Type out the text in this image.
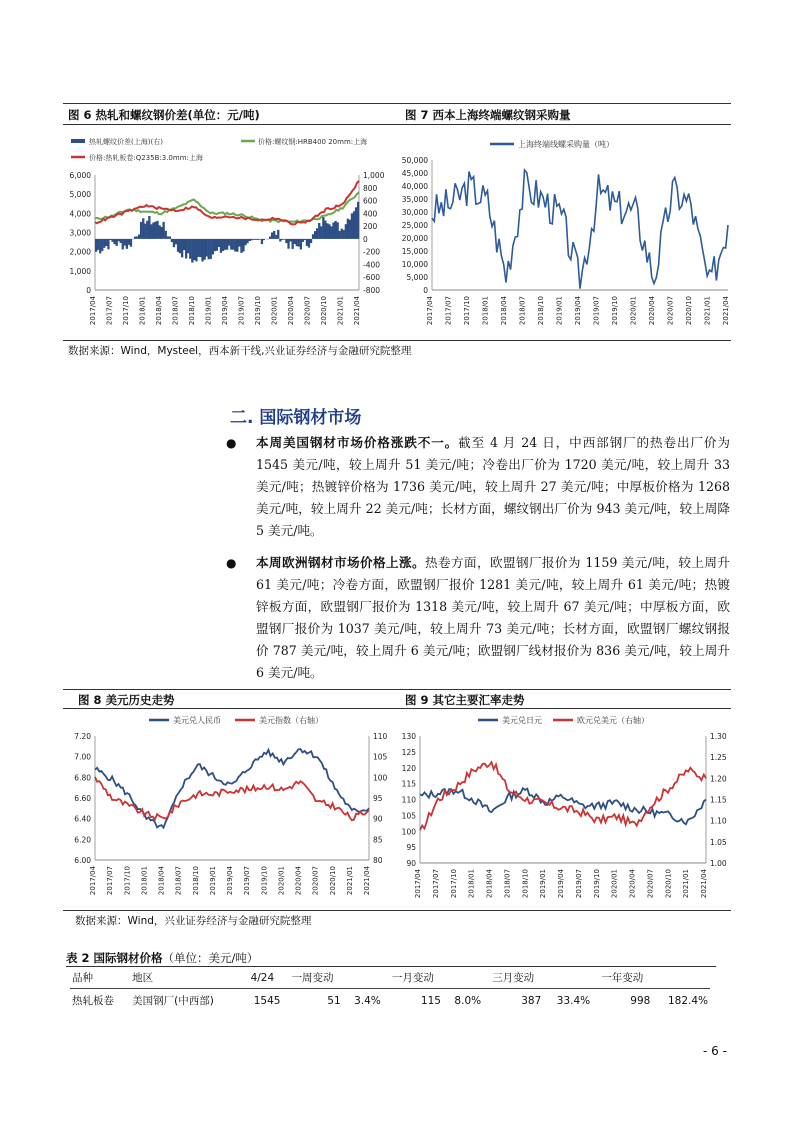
图 6 热轧和螺纹钢价差(单位：元/吨)	图 7 西本上海终端螺纹钢采购量
热轧螺纹价差(上海)(右)	价格:螺纹钢:HRB400 20mm:上海
价格:热轧板卷:Q235B:3.0mm:上海
0
1,000
2,000
3,000
4,000
5,000
6,000
-800
-600
-400
-200
0
200
400
600
800
1,000
2017/04 2017/07 2017/10 2018/01 2018/04 2018/07 2018/10 2019/01 2019/04 2019/07 2019/10 2020/01 2020/04 2020/07 2020/10 2021/01 2021/04
上海终端线螺采购量（吨）
0
5,000
10,000
15,000
20,000
25,000
30,000
35,000
40,000
45,000
50,000
2017/04 2017/07 2017/10 2018/01 2018/04 2018/07 2018/10 2019/01 2019/04 2019/07 2019/10 2020/01 2020/04 2020/07 2020/10 2021/01 2021/04
数据来源：Wind，Mysteel，西本新干线,兴业证券经济与金融研究院整理
二. 国际钢材市场
● 本周美国钢材市场价格涨跌不一。截至 4 月 24 日，中西部钢厂的热卷出厂价为 1545 美元/吨，较上周升 51 美元/吨；冷卷出厂价为 1720 美元/吨，较上周升 33 美元/吨；热镀锌价格为 1736 美元/吨，较上周升 27 美元/吨；中厚板价格为 1268 美元/吨，较上周升 22 美元/吨；长材方面，螺纹钢出厂价为 943 美元/吨，较上周降 5 美元/吨。
● 本周欧洲钢材市场价格上涨。热卷方面，欧盟钢厂报价为 1159 美元/吨，较上周升 61 美元/吨；冷卷方面，欧盟钢厂报价 1281 美元/吨，较上周升 61 美元/吨；热镀锌板方面，欧盟钢厂报价为 1318 美元/吨，较上周升 67 美元/吨；中厚板方面，欧盟钢厂报价为 1037 美元/吨，较上周升 73 美元/吨；长材方面，欧盟钢厂螺纹钢报价 787 美元/吨，较上周升 6 美元/吨；欧盟钢厂线材报价为 836 美元/吨，较上周升 6 美元/吨。
图 8 美元历史走势	图 9 其它主要汇率走势
美元兑人民币	美元指数（右轴）
6.00
6.20
6.40
6.60
6.80
7.00
7.20
80
85
90
95
100
105
110
2017/04 2017/07 2017/10 2018/01 2018/04 2018/07 2018/10 2019/01 2019/04 2019/07 2019/10 2020/01 2020/04 2020/07 2020/10 2021/01 2021/04
美元兑日元	欧元兑美元（右轴）
90
95
100
105
110
115
120
125
130
1.00
1.05
1.10
1.15
1.20
1.25
1.30
2017/04 2017/07 2017/10 2018/01 2018/04 2018/07 2018/10 2019/01 2019/04 2019/07 2019/10 2020/01 2020/04 2020/07 2020/10 2021/01 2021/04
数据来源：Wind，兴业证券经济与金融研究院整理
表 2 国际钢材价格（单位：美元/吨）
品种	地区	4/24	一周变动		一月变动		三月变动		一年变动	
热轧板卷	美国钢厂(中西部)	1545	51	3.4%	115	8.0%	387	33.4%	998	182.4%
- 6 -
